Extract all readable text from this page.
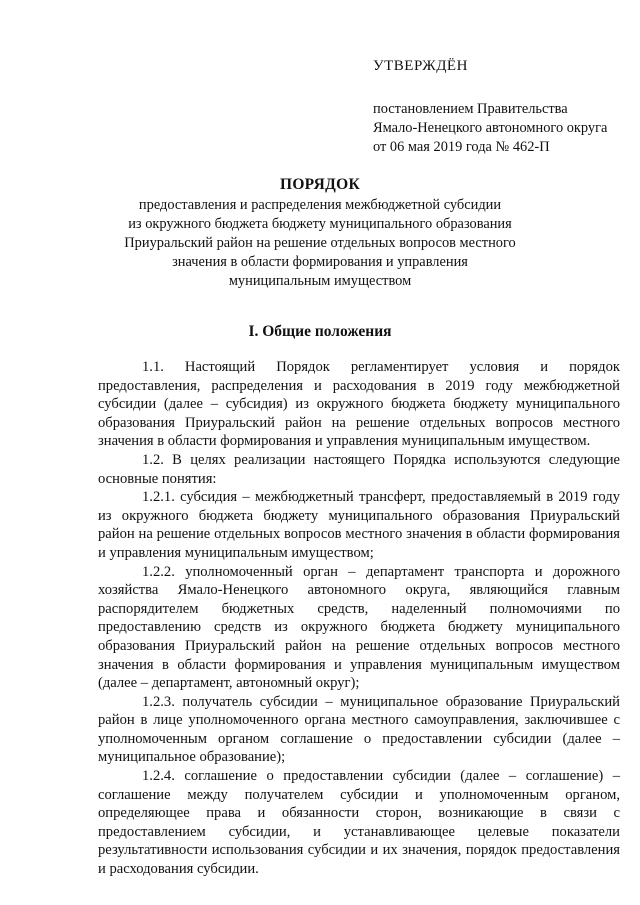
УТВЕРЖДЁН
постановлением Правительства
Ямало-Ненецкого автономного округа
от 06 мая 2019 года № 462-П
ПОРЯДОК
предоставления и распределения межбюджетной субсидии
из окружного бюджета бюджету муниципального образования
Приуральский район на решение отдельных вопросов местного
значения в области формирования и управления
муниципальным имуществом
I. Общие положения

1.1. Настоящий Порядок регламентирует условия и порядок предоставления, распределения и расходования в 2019 году межбюджетной субсидии (далее – субсидия) из окружного бюджета бюджету муниципального образования Приуральский район на решение отдельных вопросов местного значения в области формирования и управления муниципальным имуществом.

1.2. В целях реализации настоящего Порядка используются следующие основные понятия:

1.2.1. субсидия – межбюджетный трансферт, предоставляемый в 2019 году из окружного бюджета бюджету муниципального образования Приуральский район на решение отдельных вопросов местного значения в области формирования и управления муниципальным имуществом;

1.2.2. уполномоченный орган – департамент транспорта и дорожного хозяйства Ямало-Ненецкого автономного округа, являющийся главным распорядителем бюджетных средств, наделенный полномочиями по предоставлению средств из окружного бюджета бюджету муниципального образования Приуральский район на решение отдельных вопросов местного значения в области формирования и управления муниципальным имуществом (далее – департамент, автономный округ);

1.2.3. получатель субсидии – муниципальное образование Приуральский район в лице уполномоченного органа местного самоуправления, заключившее с уполномоченным органом соглашение о предоставлении субсидии (далее – муниципальное образование);

1.2.4. соглашение о предоставлении субсидии (далее – соглашение) – соглашение между получателем субсидии и уполномоченным органом, определяющее права и обязанности сторон, возникающие в связи с предоставлением субсидии, и устанавливающее целевые показатели результативности использования субсидии и их значения, порядок предоставления и расходования субсидии.
